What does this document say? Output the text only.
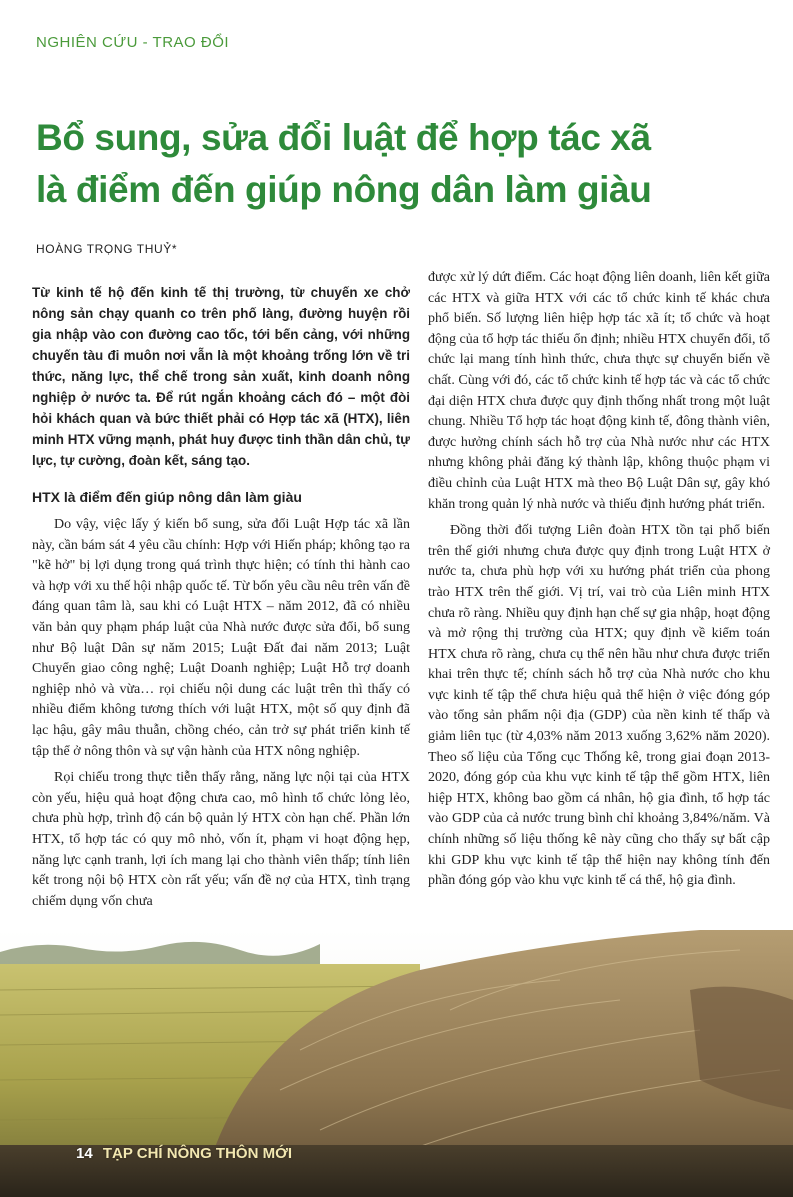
NGHIÊN CỨU - TRAO ĐỔI
Bổ sung, sửa đổi luật để hợp tác xã
là điểm đến giúp nông dân làm giàu
HOÀNG TRỌNG THUỶ*

Từ kinh tế hộ đến kinh tế thị trường, từ chuyến xe chở nông sản chạy quanh co trên phố làng, đường huyện rồi gia nhập vào con đường cao tốc, tới bến cảng, với những chuyến tàu đi muôn nơi vẫn là một khoảng trống lớn về tri thức, năng lực, thể chế trong sản xuất, kinh doanh nông nghiệp ở nước ta. Để rút ngắn khoảng cách đó – một đòi hỏi khách quan và bức thiết phải có Hợp tác xã (HTX), liên minh HTX vững mạnh, phát huy được tinh thần dân chủ, tự lực, tự cường, đoàn kết, sáng tạo.

HTX là điểm đến giúp nông dân làm giàu

Do vậy, việc lấy ý kiến bổ sung, sửa đổi Luật Hợp tác xã lần này, cần bám sát 4 yêu cầu chính: Hợp với Hiến pháp; không tạo ra "kẽ hở" bị lợi dụng trong quá trình thực hiện; có tính thi hành cao và hợp với xu thế hội nhập quốc tế. Từ bốn yêu cầu nêu trên vấn đề đáng quan tâm là, sau khi có Luật HTX – năm 2012, đã có nhiều văn bản quy phạm pháp luật của Nhà nước được sửa đổi, bổ sung như Bộ luật Dân sự năm 2015; Luật Đất đai năm 2013; Luật Chuyển giao công nghệ; Luật Doanh nghiệp; Luật Hỗ trợ doanh nghiệp nhỏ và vừa… rọi chiếu nội dung các luật trên thì thấy có nhiều điểm không tương thích với luật HTX, một số quy định đã lạc hậu, gây mâu thuẫn, chồng chéo, cản trở sự phát triển kinh tế tập thể ở nông thôn và sự vận hành của HTX nông nghiệp.

Rọi chiếu trong thực tiễn thấy rằng, năng lực nội tại của HTX còn yếu, hiệu quả hoạt động chưa cao, mô hình tổ chức lỏng lẻo, chưa phù hợp, trình độ cán bộ quản lý HTX còn hạn chế. Phần lớn HTX, tổ hợp tác có quy mô nhỏ, vốn ít, phạm vi hoạt động hẹp, năng lực cạnh tranh, lợi ích mang lại cho thành viên thấp; tính liên kết trong nội bộ HTX còn rất yếu; vấn đề nợ của HTX, tình trạng chiếm dụng vốn chưa

được xử lý dứt điểm. Các hoạt động liên doanh, liên kết giữa các HTX và giữa HTX với các tổ chức kinh tế khác chưa phổ biến. Số lượng liên hiệp hợp tác xã ít; tổ chức và hoạt động của tổ hợp tác thiếu ổn định; nhiều HTX chuyển đổi, tổ chức lại mang tính hình thức, chưa thực sự chuyển biến về chất. Cùng với đó, các tổ chức kinh tế hợp tác và các tổ chức đại diện HTX chưa được quy định thống nhất trong một luật chung. Nhiều Tổ hợp tác hoạt động kinh tế, đông thành viên, được hưởng chính sách hỗ trợ của Nhà nước như các HTX nhưng không phải đăng ký thành lập, không thuộc phạm vi điều chỉnh của Luật HTX mà theo Bộ Luật Dân sự, gây khó khăn trong quản lý nhà nước và thiếu định hướng phát triển.

Đồng thời đối tượng Liên đoàn HTX tồn tại phổ biến trên thế giới nhưng chưa được quy định trong Luật HTX ở nước ta, chưa phù hợp với xu hướng phát triển của phong trào HTX trên thế giới. Vị trí, vai trò của Liên minh HTX chưa rõ ràng. Nhiều quy định hạn chế sự gia nhập, hoạt động và mở rộng thị trường của HTX; quy định về kiểm toán HTX chưa rõ ràng, chưa cụ thể nên hầu như chưa được triển khai trên thực tế; chính sách hỗ trợ của Nhà nước cho khu vực kinh tế tập thể chưa hiệu quả thể hiện ở việc đóng góp vào tổng sản phẩm nội địa (GDP) của nền kinh tế thấp và giảm liên tục (từ 4,03% năm 2013 xuống 3,62% năm 2020). Theo số liệu của Tổng cục Thống kê, trong giai đoạn 2013-2020, đóng góp của khu vực kinh tế tập thể gồm HTX, liên hiệp HTX, không bao gồm cá nhân, hộ gia đình, tổ hợp tác vào GDP của cả nước trung bình chỉ khoảng 3,84%/năm. Và chính những số liệu thống kê này cũng cho thấy sự bất cập khi GDP khu vực kinh tế tập thể hiện nay không tính đến phần đóng góp vào khu vực kinh tế cá thể, hộ gia đình.

14 TẠP CHÍ NÔNG THÔN MỚI
